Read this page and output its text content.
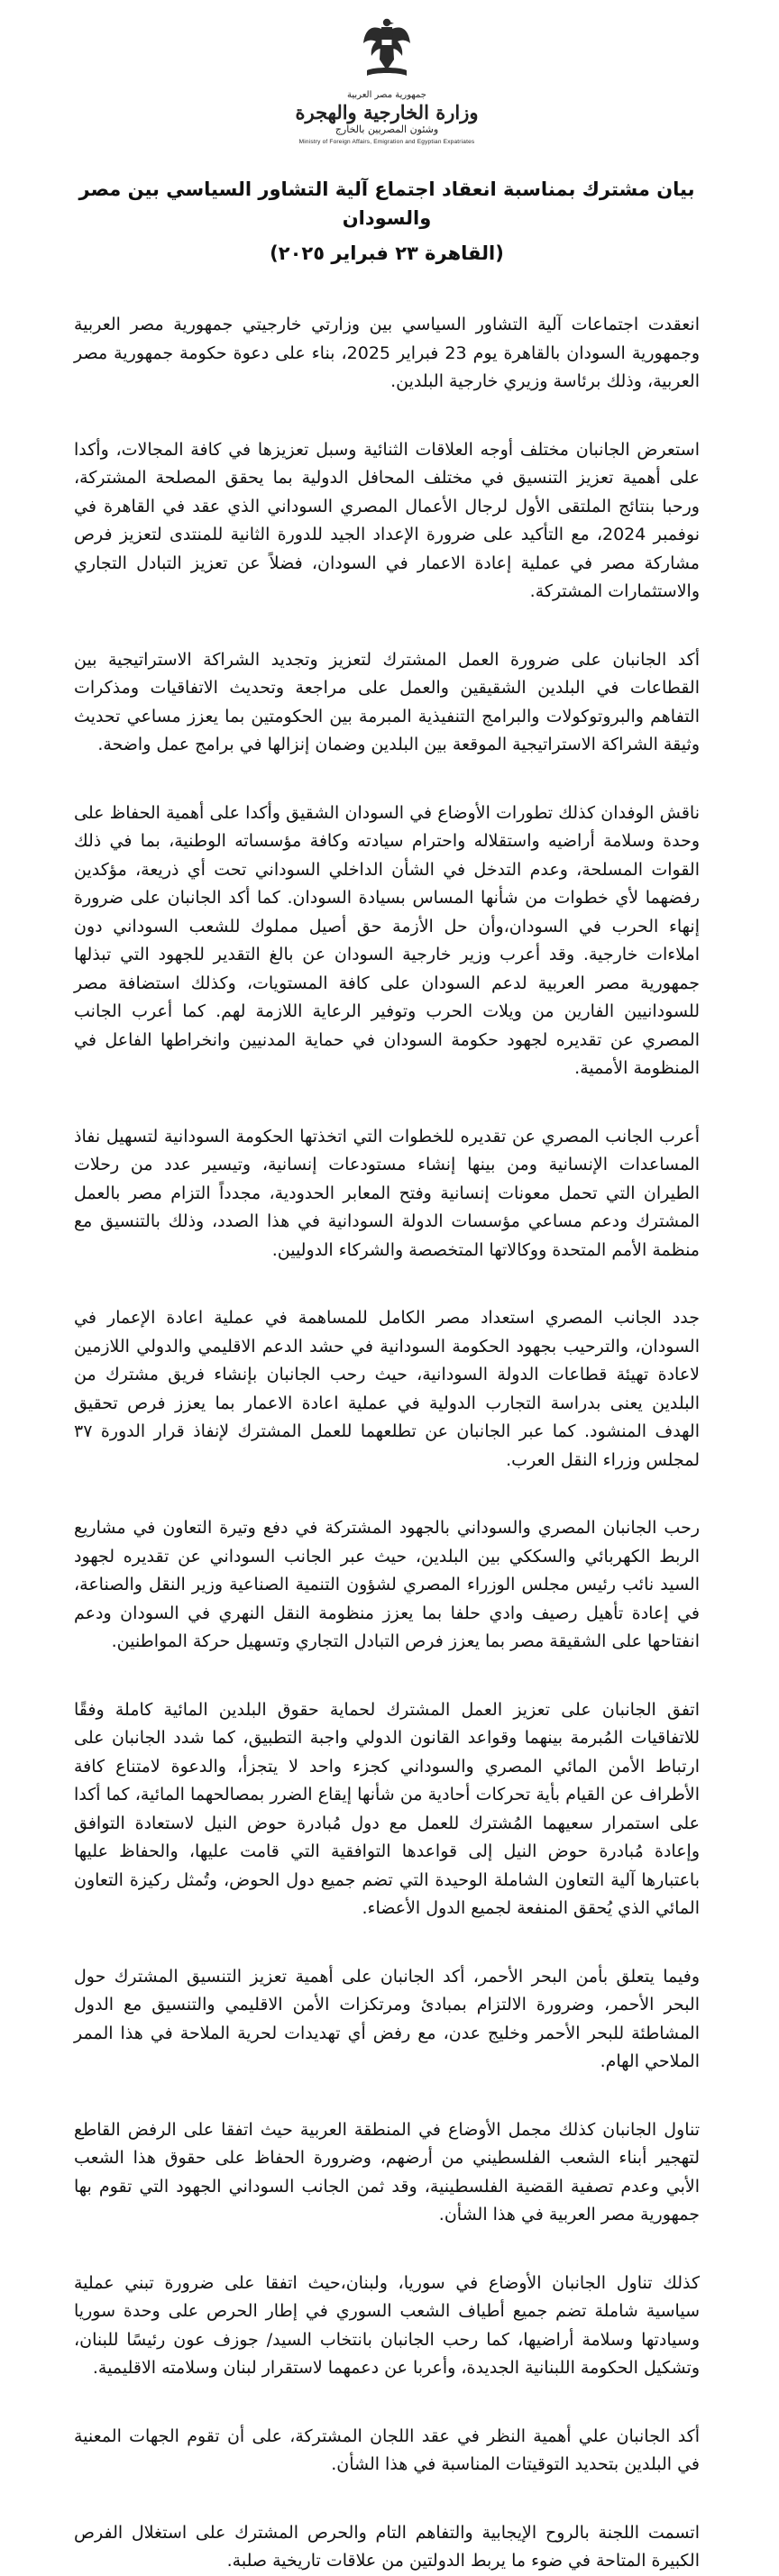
جمهورية مصر العربية
وزارة الخارجية والهجرة
وشئون المصريين بالخارج
Ministry of Foreign Affairs, Emigration and Egyptian Expatriates
بيان مشترك بمناسبة انعقاد اجتماع آلية التشاور السياسي بين مصر والسودان
(القاهرة ٢٣ فبراير ٢٠٢٥)

انعقدت اجتماعات آلية التشاور السياسي بين وزارتي خارجيتي جمهورية مصر العربية وجمهورية السودان بالقاهرة يوم 23 فبراير 2025، بناء على دعوة حكومة جمهورية مصر العربية، وذلك برئاسة وزيري خارجية البلدين.

استعرض الجانبان مختلف أوجه العلاقات الثنائية وسبل تعزيزها في كافة المجالات، وأكدا على أهمية تعزيز التنسيق في مختلف المحافل الدولية بما يحقق المصلحة المشتركة، ورحبا بنتائج الملتقى الأول لرجال الأعمال المصري السوداني الذي عقد في القاهرة في نوفمبر 2024، مع التأكيد على ضرورة الإعداد الجيد للدورة الثانية للمنتدى لتعزيز فرص مشاركة مصر في عملية إعادة الاعمار في السودان، فضلاً عن تعزيز التبادل التجاري والاستثمارات المشتركة.

أكد الجانبان على ضرورة العمل المشترك لتعزيز وتجديد الشراكة الاستراتيجية بين القطاعات في البلدين الشقيقين والعمل على مراجعة وتحديث الاتفاقيات ومذكرات التفاهم والبروتوكولات والبرامج التنفيذية المبرمة بين الحكومتين بما يعزز مساعي تحديث وثيقة الشراكة الاستراتيجية الموقعة بين البلدين وضمان إنزالها في برامج عمل واضحة.

ناقش الوفدان كذلك تطورات الأوضاع في السودان الشقيق وأكدا على أهمية الحفاظ على وحدة وسلامة أراضيه واستقلاله واحترام سيادته وكافة مؤسساته الوطنية، بما في ذلك القوات المسلحة، وعدم التدخل في الشأن الداخلي السوداني تحت أي ذريعة، مؤكدين رفضهما لأي خطوات من شأنها المساس بسيادة السودان. كما أكد الجانبان على ضرورة إنهاء الحرب في السودان،وأن حل الأزمة حق أصيل مملوك للشعب السوداني دون املاءات خارجية. وقد أعرب وزير خارجية السودان عن بالغ التقدير للجهود التي تبذلها جمهورية مصر العربية لدعم السودان على كافة المستويات، وكذلك استضافة مصر للسودانيين الفارين من ويلات الحرب وتوفير الرعاية اللازمة لهم. كما أعرب الجانب المصري عن تقديره لجهود حكومة السودان في حماية المدنيين وانخراطها الفاعل في المنظومة الأممية.

أعرب الجانب المصري عن تقديره للخطوات التي اتخذتها الحكومة السودانية لتسهيل نفاذ المساعدات الإنسانية ومن بينها إنشاء مستودعات إنسانية، وتيسير عدد من رحلات الطيران التي تحمل معونات إنسانية وفتح المعابر الحدودية، مجدداً التزام مصر بالعمل المشترك ودعم مساعي مؤسسات الدولة السودانية في هذا الصدد، وذلك بالتنسيق مع منظمة الأمم المتحدة ووكالاتها المتخصصة والشركاء الدوليين.

جدد الجانب المصري استعداد مصر الكامل للمساهمة في عملية اعادة الإعمار في السودان، والترحيب بجهود الحكومة السودانية في حشد الدعم الاقليمي والدولي اللازمين لاعادة تهيئة قطاعات الدولة السودانية، حيث رحب الجانبان بإنشاء فريق مشترك من البلدين يعنى بدراسة التجارب الدولية في عملية اعادة الاعمار بما يعزز فرص تحقيق الهدف المنشود. كما عبر الجانبان عن تطلعهما للعمل المشترك لإنفاذ قرار الدورة ٣٧ لمجلس وزراء النقل العرب.

رحب الجانبان المصري والسوداني بالجهود المشتركة في دفع وتيرة التعاون في مشاريع الربط الكهربائي والسككي بين البلدين، حيث عبر الجانب السوداني عن تقديره لجهود السيد نائب رئيس مجلس الوزراء المصري لشؤون التنمية الصناعية وزير النقل والصناعة، في إعادة تأهيل رصيف وادي حلفا بما يعزز منظومة النقل النهري في السودان ودعم انفتاحها على الشقيقة مصر بما يعزز فرص التبادل التجاري وتسهيل حركة المواطنين.

اتفق الجانبان على تعزيز العمل المشترك لحماية حقوق البلدين المائية كاملة وفقًا للاتفاقيات المُبرمة بينهما وقواعد القانون الدولي واجبة التطبيق، كما شدد الجانبان على ارتباط الأمن المائي المصري والسوداني كجزء واحد لا يتجزأ، والدعوة لامتناع كافة الأطراف عن القيام بأية تحركات أحادية من شأنها إيقاع الضرر بمصالحهما المائية، كما أكدا على استمرار سعيهما المُشترك للعمل مع دول مُبادرة حوض النيل لاستعادة التوافق وإعادة مُبادرة حوض النيل إلى قواعدها التوافقية التي قامت عليها، والحفاظ عليها باعتبارها آلية التعاون الشاملة الوحيدة التي تضم جميع دول الحوض، وتُمثل ركيزة التعاون المائي الذي يُحقق المنفعة لجميع الدول الأعضاء.

وفيما يتعلق بأمن البحر الأحمر، أكد الجانبان على أهمية تعزيز التنسيق المشترك حول البحر الأحمر، وضرورة الالتزام بمبادئ ومرتكزات الأمن الاقليمي والتنسيق مع الدول المشاطئة للبحر الأحمر وخليج عدن، مع رفض أي تهديدات لحرية الملاحة في هذا الممر الملاحي الهام.

تناول الجانبان كذلك مجمل الأوضاع في المنطقة العربية حيث اتفقا على الرفض القاطع لتهجير أبناء الشعب الفلسطيني من أرضهم، وضرورة الحفاظ على حقوق هذا الشعب الأبي وعدم تصفية القضية الفلسطينية، وقد ثمن الجانب السوداني الجهود التي تقوم بها جمهورية مصر العربية في هذا الشأن.

كذلك تناول الجانبان الأوضاع في سوريا، ولبنان،حيث اتفقا على ضرورة تبني عملية سياسية شاملة تضم جميع أطياف الشعب السوري في إطار الحرص على وحدة سوريا وسيادتها وسلامة أراضيها، كما رحب الجانبان بانتخاب السيد/ جوزف عون رئيسًا للبنان، وتشكيل الحكومة اللبنانية الجديدة، وأعربا عن دعمهما لاستقرار لبنان وسلامته الاقليمية.

أكد الجانبان علي أهمية النظر في عقد اللجان المشتركة، على أن تقوم الجهات المعنية في البلدين بتحديد التوقيتات المناسبة في هذا الشأن.

اتسمت اللجنة بالروح الإيجابية والتفاهم التام والحرص المشترك على استغلال الفرص الكبيرة المتاحة في ضوء ما يربط الدولتين من علاقات تاريخية صلبة.
